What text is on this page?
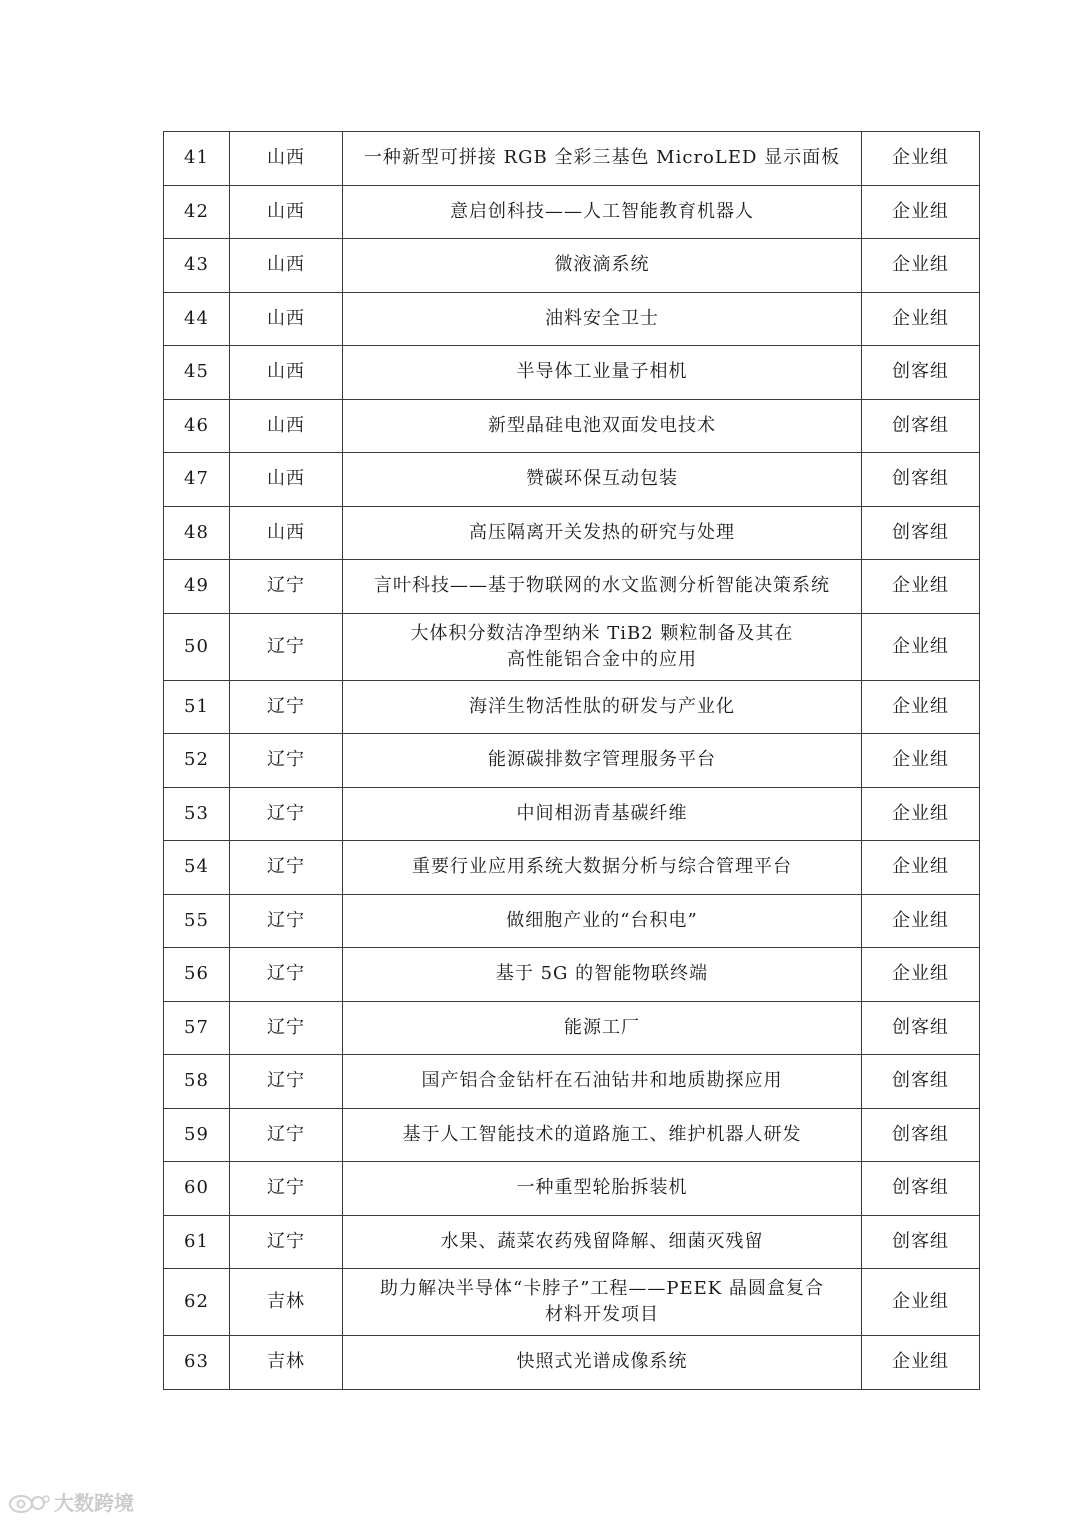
41	山西	一种新型可拼接 RGB 全彩三基色 MicroLED 显示面板	企业组
42	山西	意启创科技——人工智能教育机器人	企业组
43	山西	微液滴系统	企业组
44	山西	油料安全卫士	企业组
45	山西	半导体工业量子相机	创客组
46	山西	新型晶硅电池双面发电技术	创客组
47	山西	赞碳环保互动包装	创客组
48	山西	高压隔离开关发热的研究与处理	创客组
49	辽宁	言叶科技——基于物联网的水文监测分析智能决策系统	企业组
50	辽宁	大体积分数洁净型纳米 TiB2 颗粒制备及其在
高性能铝合金中的应用	企业组
51	辽宁	海洋生物活性肽的研发与产业化	企业组
52	辽宁	能源碳排数字管理服务平台	企业组
53	辽宁	中间相沥青基碳纤维	企业组
54	辽宁	重要行业应用系统大数据分析与综合管理平台	企业组
55	辽宁	做细胞产业的“台积电”	企业组
56	辽宁	基于 5G 的智能物联终端	企业组
57	辽宁	能源工厂	创客组
58	辽宁	国产铝合金钻杆在石油钻井和地质勘探应用	创客组
59	辽宁	基于人工智能技术的道路施工、维护机器人研发	创客组
60	辽宁	一种重型轮胎拆装机	创客组
61	辽宁	水果、蔬菜农药残留降解、细菌灭残留	创客组
62	吉林	助力解决半导体“卡脖子”工程——PEEK 晶圆盒复合
材料开发项目	企业组
63	吉林	快照式光谱成像系统	企业组
大数跨境
